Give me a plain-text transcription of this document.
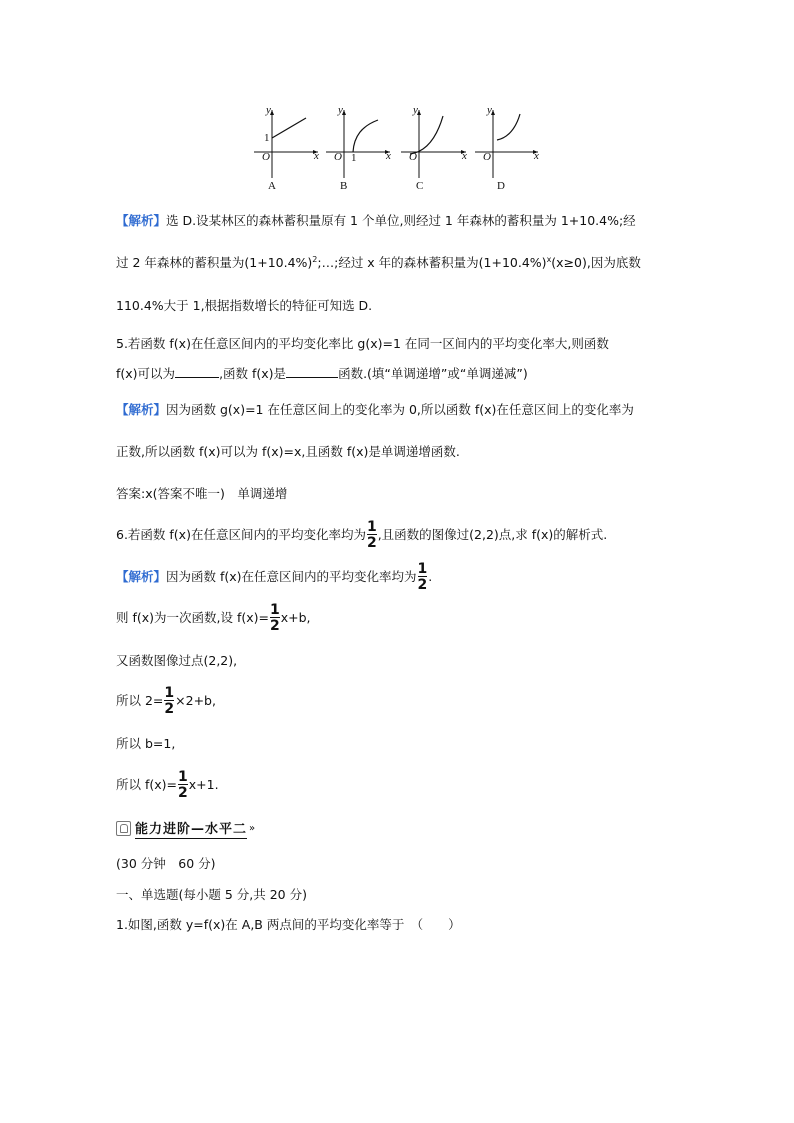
y
x
O
1
A
y
x
O 1
B
y
x
O
C
y
x
O
D
【解析】选 D.设某林区的森林蓄积量原有 1 个单位,则经过 1 年森林的蓄积量为 1+10.4%;经
过 2 年森林的蓄积量为$(1+10.4\%)^2;\dots$;经过 x 年的森林蓄积量为$(1+10.4\%)^x(x\ge 0)$,因为底数
110.4%大于 1,根据指数增长的特征可知选 D.
5.若函数 f(x)在任意区间内的平均变化率比 g(x)=1 在同一区间内的平均变化率大,则函数
f(x)可以为	,函数 f(x)是	函数.(填“单调递增”或“单调递减”)
【解析】因为函数 g(x)=1 在任意区间上的变化率为 0,所以函数 f(x)在任意区间上的变化率为
正数,所以函数 f(x)可以为 f(x)=x,且函数 f(x)是单调递增函数.
答案:x(答案不唯一)　单调递增
6.若函数 f(x)在任意区间内的平均变化率均为 $\frac{1}{2}$ ,且函数的图像过(2,2)点,求 f(x)的解析式.
【解析】因为函数 f(x)在任意区间内的平均变化率均为 $\frac{1}{2}$ .
则 f(x)为一次函数,设 $f(x)= \frac{1}{2} x+b$,
又函数图像过点(2,2),
所以 $2= \frac{1}{2} \times 2+b$,
所以 b=1,
所以 $f(x)= \frac{1}{2} x+1$.
能力进阶—水平二 »
(30 分钟　60 分)
一、单选题(每小题 5 分,共 20 分)
1.如图,函数 y=f(x)在 A,B 两点间的平均变化率等于　（　　）
